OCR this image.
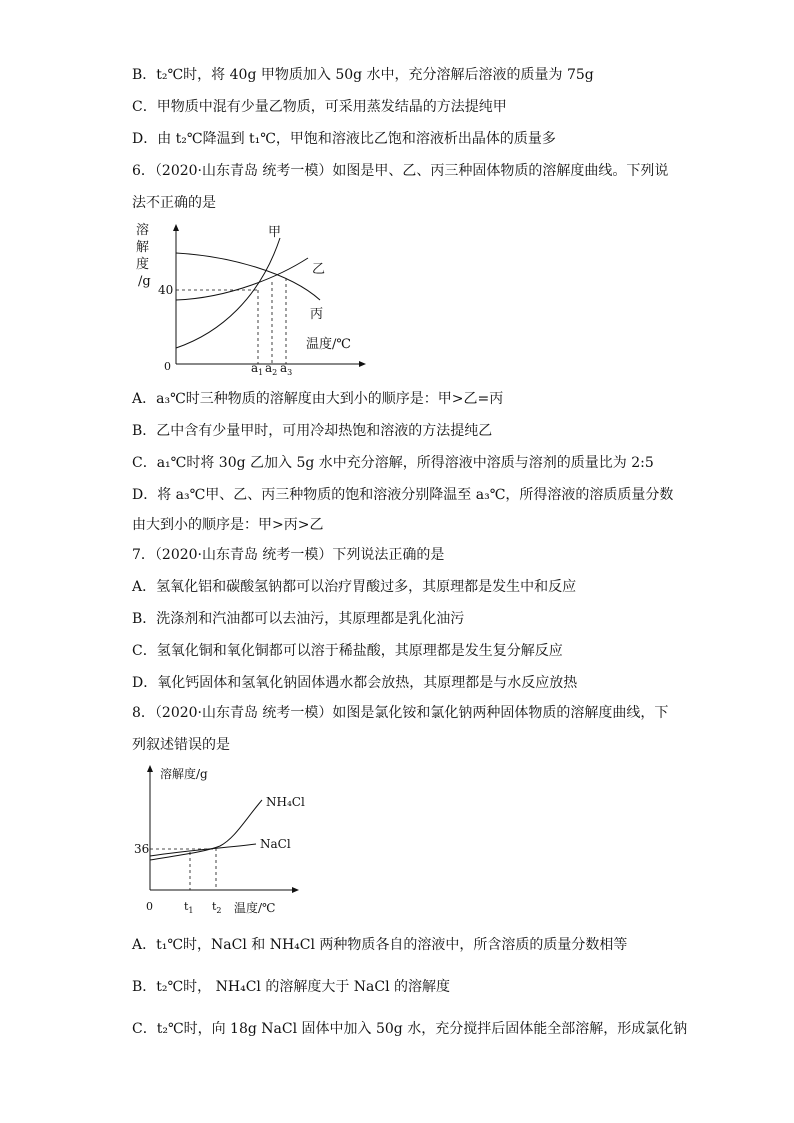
B．t₂℃时，将 40g 甲物质加入 50g 水中，充分溶解后溶液的质量为 75g
C．甲物质中混有少量乙物质，可采用蒸发结晶的方法提纯甲
D．由 t₂℃降温到 t₁℃，甲饱和溶液比乙饱和溶液析出晶体的质量多
6．（2020·山东青岛 统考一模）如图是甲、乙、丙三种固体物质的溶解度曲线。下列说
法不正确的是
溶
解
度
/g
40
0
温度/℃
$a_1$ $a_2$ $a_3$
甲
乙
丙
A．a₃℃时三种物质的溶解度由大到小的顺序是：甲>乙=丙
B．乙中含有少量甲时，可用冷却热饱和溶液的方法提纯乙
C．a₁℃时将 30g 乙加入 5g 水中充分溶解，所得溶液中溶质与溶剂的质量比为 2:5
D．将 a₃℃甲、乙、丙三种物质的饱和溶液分别降温至 a₃℃，所得溶液的溶质质量分数
由大到小的顺序是：甲>丙>乙
7．（2020·山东青岛 统考一模）下列说法正确的是
A．氢氧化铝和碳酸氢钠都可以治疗胃酸过多，其原理都是发生中和反应
B．洗涤剂和汽油都可以去油污，其原理都是乳化油污
C．氢氧化铜和氧化铜都可以溶于稀盐酸，其原理都是发生复分解反应
D．氧化钙固体和氢氧化钠固体遇水都会放热，其原理都是与水反应放热
8．（2020·山东青岛 统考一模）如图是氯化铵和氯化钠两种固体物质的溶解度曲线，下
列叙述错误的是
溶解度/g
36
0	温度/℃
$t_1$ $t_2$
NH₄Cl
NaCl
A．t₁℃时，NaCl 和 NH₄Cl 两种物质各自的溶液中，所含溶质的质量分数相等
B．t₂℃时， NH₄Cl 的溶解度大于 NaCl 的溶解度
C．t₂℃时，向 18g NaCl 固体中加入 50g 水，充分搅拌后固体能全部溶解，形成氯化钠
